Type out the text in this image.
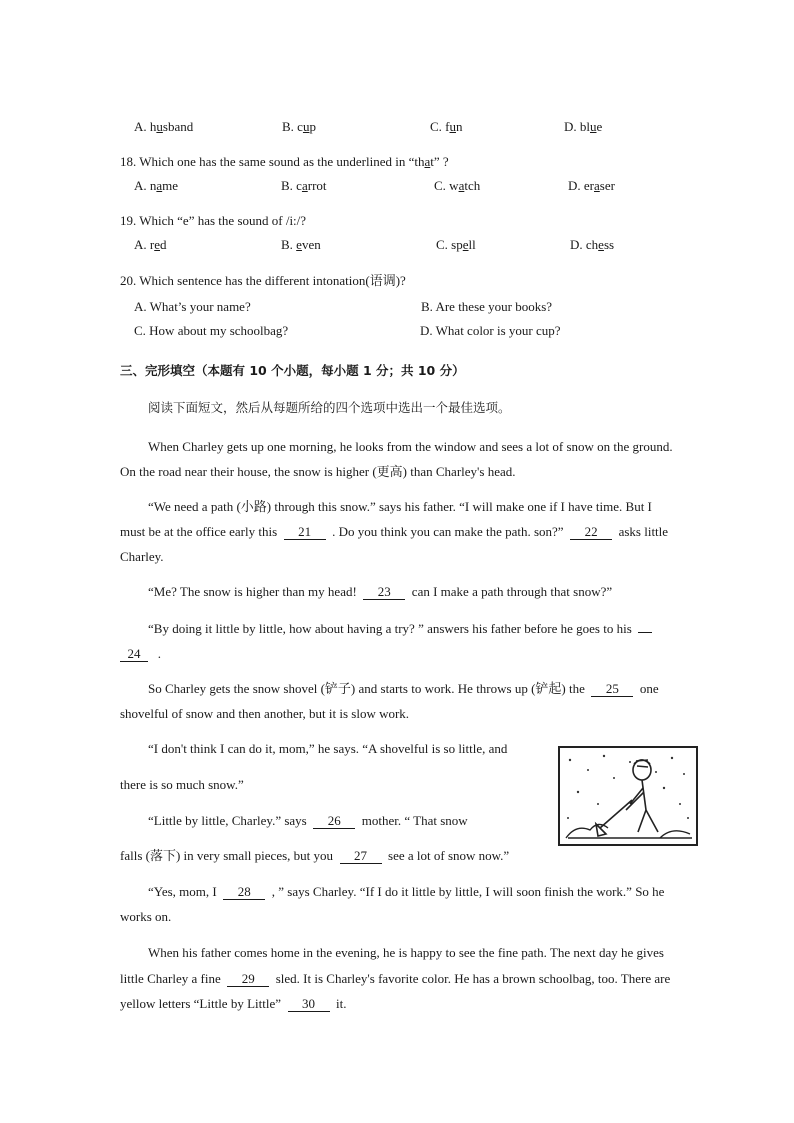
A. husband	B. cup	C. fun	D. blue
18. Which one has the same sound as the underlined in “that” ?
A. name	B. carrot	C. watch	D. eraser
19. Which “e” has the sound of /i:/?
A. red	B. even	C. spell	D. chess
20. Which sentence has the different intonation(语调)?
A. What’s your name?	B. Are these your books?
C. How about my schoolbag?	D. What color is your cup?
三、完形填空（本题有 10 个小题，每小题 1 分；共 10 分）
阅读下面短文，然后从每题所给的四个选项中选出一个最佳选项。
When Charley gets up one morning, he looks from the window and sees a lot of snow on the ground.
On the road near their house, the snow is higher (更高) than Charley's head.
“We need a path (小路) through this snow.” says his father. “I will make one if I have time. But I
must be at the office early this 21 . Do you think you can make the path. son?” 22 asks little
Charley.
“Me? The snow is higher than my head! 23 can I make a path through that snow?”
“By doing it little by little, how about having a try? ” answers his father before he goes to his
24 .
So Charley gets the snow shovel (铲子) and starts to work. He throws up (铲起) the 25 one
shovelful of snow and then another, but it is slow work.
“I don't think I can do it, mom,” he says. “A shovelful is so little, and
there is so much snow.”
“Little by little, Charley.” says 26 mother. “ That snow
falls (落下) in very small pieces, but you 27 see a lot of snow now.”
“Yes, mom, I 28 , ” says Charley. “If I do it little by little, I will soon finish the work.” So he
works on.
When his father comes home in the evening, he is happy to see the fine path. The next day he gives
little Charley a fine 29 sled. It is Charley's favorite color. He has a brown schoolbag, too. There are
yellow letters “Little by Little” 30 it.
